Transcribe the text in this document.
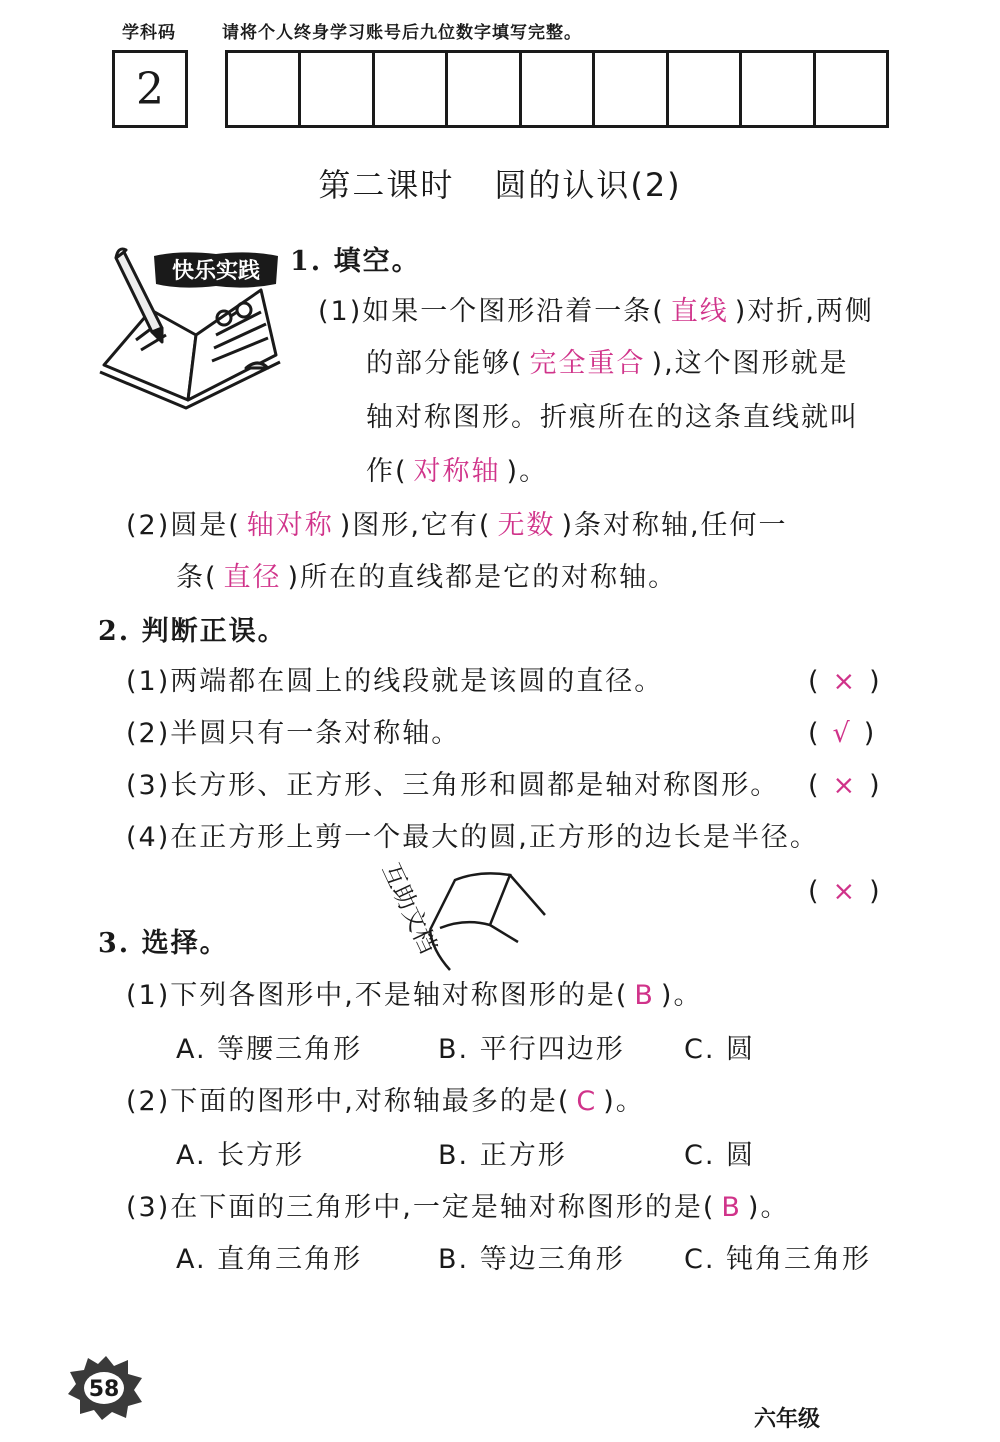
学科码	请将个人终身学习账号后九位数字填写完整。
2
第二课时 圆的认识(2)
快乐实践 1. 填空。
(1)如果一个图形沿着一条( 直线 )对折,两侧
的部分能够( 完全重合 ),这个图形就是
轴对称图形。折痕所在的这条直线就叫
作( 对称轴 )。
(2)圆是( 轴对称 )图形,它有( 无数 )条对称轴,任何一
条( 直径 )所在的直线都是它的对称轴。
2. 判断正误。
(1)两端都在圆上的线段就是该圆的直径。	( × )
(2)半圆只有一条对称轴。	( √ )
(3)长方形、正方形、三角形和圆都是轴对称图形。 ( × )
(4)在正方形上剪一个最大的圆,正方形的边长是半径。
( × )
互助文档
3. 选择。
(1)下列各图形中,不是轴对称图形的是( B )。
A. 等腰三角形	B. 平行四边形 C. 圆
(2)下面的图形中,对称轴最多的是( C )。
A. 长方形	B. 正方形	C. 圆
(3)在下面的三角形中,一定是轴对称图形的是( B )。
A. 直角三角形	B. 等边三角形 C. 钝角三角形
58
六年级
